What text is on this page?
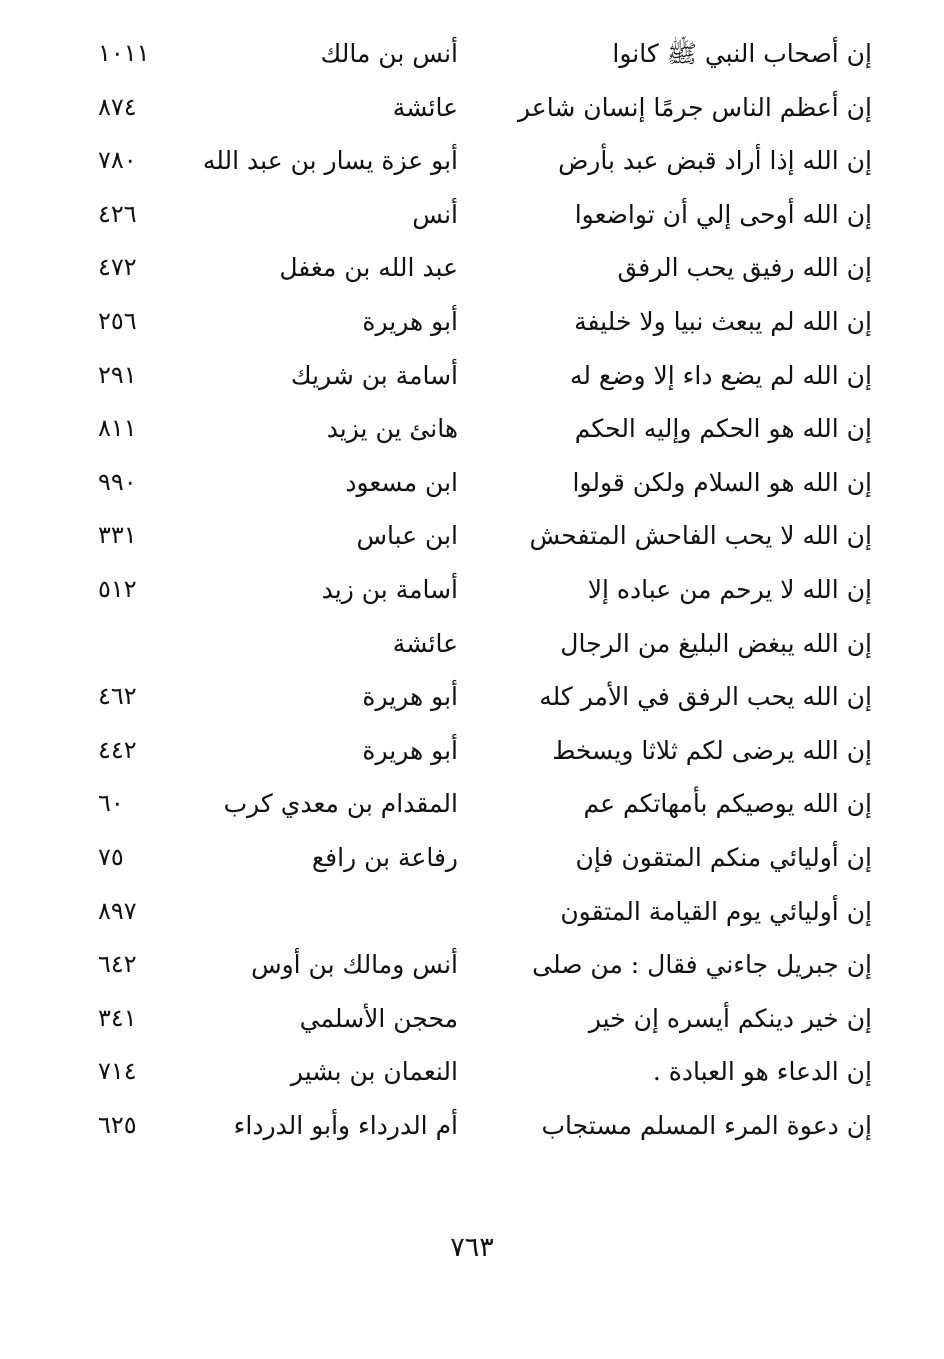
إن أصحاب النبي ﷺ كانوا
أنس بن مالك
١٠١١
إن أعظم الناس جرمًا إنسان شاعر
عائشة
٨٧٤
إن الله إذا أراد قبض عبد بأرض
أبو عزة يسار بن عبد الله
٧٨٠
إن الله أوحى إلي أن تواضعوا
أنس
٤٢٦
إن الله رفيق يحب الرفق
عبد الله بن مغفل
٤٧٢
إن الله لم يبعث نبيا ولا خليفة
أبو هريرة
٢٥٦
إن الله لم يضع داء إلا وضع له
أسامة بن شريك
٢٩١
إن الله هو الحكم وإليه الحكم
هانئ ين يزيد
٨١١
إن الله هو السلام ولكن قولوا
ابن مسعود
٩٩٠
إن الله لا يحب الفاحش المتفحش
ابن عباس
٣٣١
إن الله لا يرحم من عباده إلا
أسامة بن زيد
٥١٢
إن الله يبغض البليغ من الرجال
عائشة
إن الله يحب الرفق في الأمر كله
أبو هريرة
٤٦٢
إن الله يرضى لكم ثلاثا ويسخط
أبو هريرة
٤٤٢
إن الله يوصيكم بأمهاتكم عم
المقدام بن معدي كرب
٦٠
إن أوليائي منكم المتقون فإن
رفاعة بن رافع
٧٥
إن أوليائي يوم القيامة المتقون
٨٩٧
إن جبريل جاءني فقال : من صلى
أنس ومالك بن أوس
٦٤٢
إن خير دينكم أيسره إن خير
محجن الأسلمي
٣٤١
إن الدعاء هو العبادة .
النعمان بن بشير
٧١٤
إن دعوة المرء المسلم مستجاب
أم الدرداء وأبو الدرداء
٦٢٥
٧٦٣
